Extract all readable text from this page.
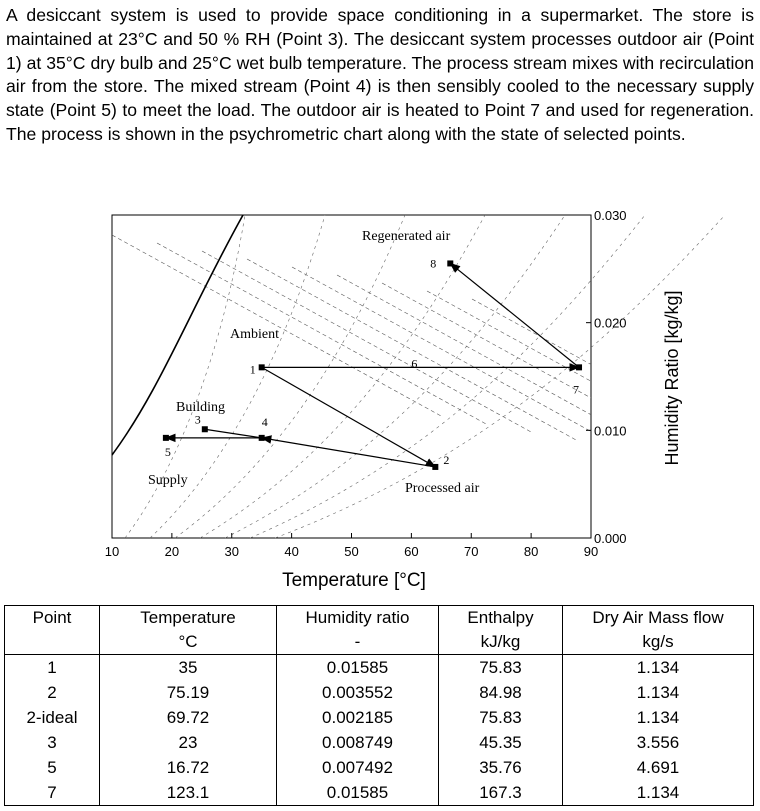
A desiccant system is used to provide space conditioning in a supermarket. The store is maintained at 23°C and 50 % RH (Point 3). The desiccant system processes outdoor air (Point 1) at 35°C dry bulb and 25°C wet bulb temperature. The process stream mixes with recirculation air from the store. The mixed stream (Point 4) is then sensibly cooled to the necessary supply state (Point 5) to meet the load. The outdoor air is heated to Point 7 and used for regeneration. The process is shown in the psychrometric chart along with the state of selected points.

10	20	30	40	50	60	70	80	90
0.000
0.010
0.020
0.030
1
2
3	4
5
6
7
8
Regenerated air
Ambient
Building
Supply
Processed air
Temperature [°C]
Humidity Ratio [kg/kg]
Point	Temperature	Humidity ratio	Enthalpy	Dry Air Mass flow
	°C	-	kJ/kg	kg/s
1	35	0.01585	75.83	1.134
2	75.19	0.003552	84.98	1.134
2-ideal	69.72	0.002185	75.83	1.134
3	23	0.008749	45.35	3.556
5	16.72	0.007492	35.76	4.691
7	123.1	0.01585	167.3	1.134
